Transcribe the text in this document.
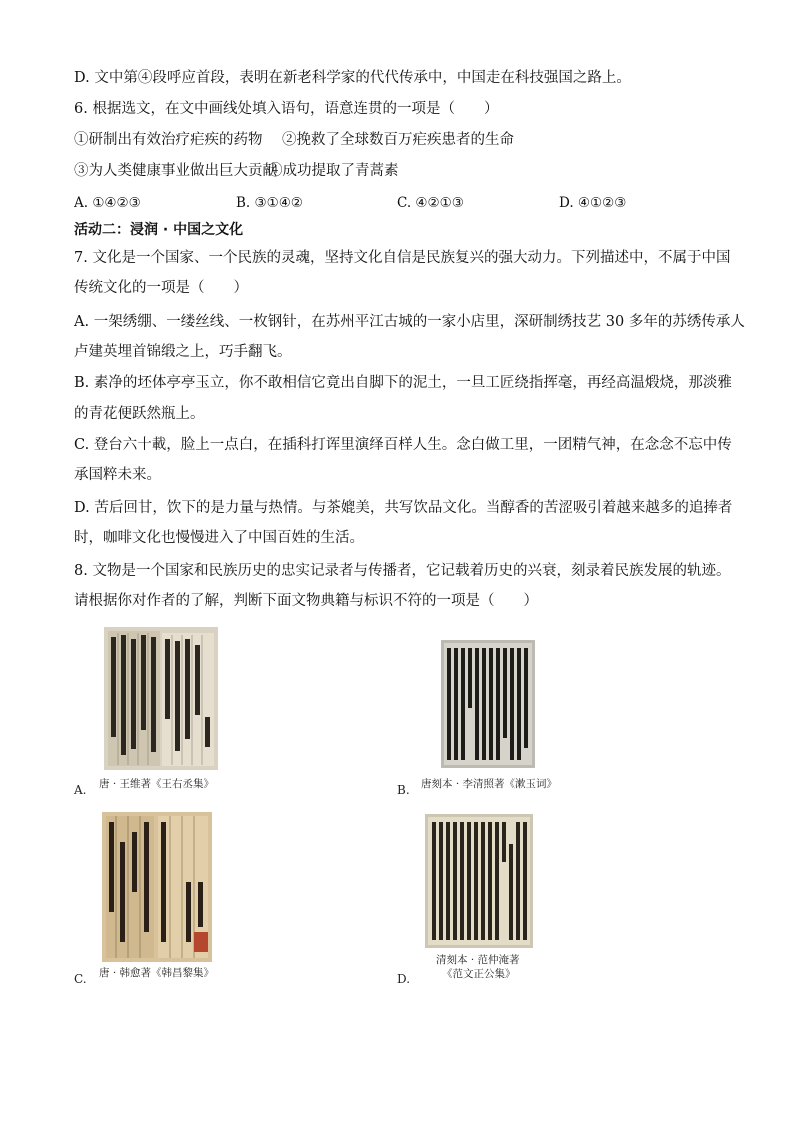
D. 文中第④段呼应首段，表明在新老科学家的代代传承中，中国走在科技强国之路上。
6. 根据选文，在文中画线处填入语句，语意连贯的一项是（　　）
①研制出有效治疗疟疾的药物 ②挽救了全球数百万疟疾患者的生命
③为人类健康事业做出巨大贡献
④成功提取了青蒿素
A. ①④②③	B. ③①④②	C. ④②①③	D. ④①②③
活动二：浸润 · 中国之文化
7. 文化是一个国家、一个民族的灵魂，坚持文化自信是民族复兴的强大动力。下列描述中，不属于中国
传统文化的一项是（　　）
A. 一架绣绷、一缕丝线、一枚钢针，在苏州平江古城的一家小店里，深研制绣技艺 30 多年的苏绣传承人
卢建英埋首锦缎之上，巧手翻飞。
B. 素净的坯体亭亭玉立，你不敢相信它竟出自脚下的泥土，一旦工匠绕指挥毫，再经高温煅烧，那淡雅
的青花便跃然瓶上。
C. 登台六十載，脸上一点白，在插科打诨里演绎百样人生。念白做工里，一团精气神，在念念不忘中传
承国粹未来。
D. 苦后回甘，饮下的是力量与热情。与茶媲美，共写饮品文化。当醇香的苦涩吸引着越来越多的追捧者
时，咖啡文化也慢慢进入了中国百姓的生活。
8. 文物是一个国家和民族历史的忠实记录者与传播者，它记载着历史的兴衰，刻录着民族发展的轨迹。
请根据你对作者的了解，判断下面文物典籍与标识不符的一项是（　　）
A. 唐 · 王维著《王右丞集》	B. 唐刻本 · 李清照著《漱玉词》
C. 唐 · 韩愈著《韩昌黎集》	D.
清刻本 · 范仲淹著
《范文正公集》
